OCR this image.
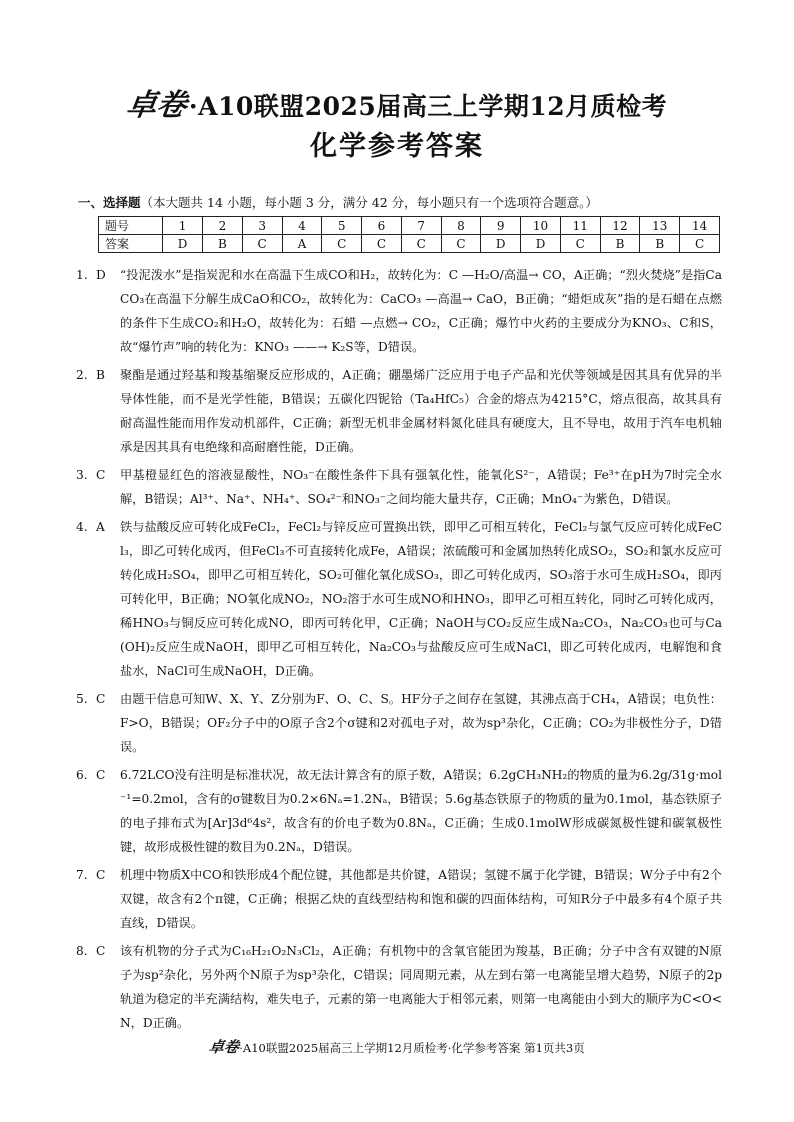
卓卷·A10联盟2025届高三上学期12月质检考
化学参考答案
一、选择题（本大题共 14 小题，每小题 3 分，满分 42 分，每小题只有一个选项符合题意。）
题号	1	2	3	4	5	6	7	8	9	10	11	12	13	14
答案	D	B	C	A	C	C	C	C	D	D	C	B	B	C
1. D	“投泥泼水”是指炭泥和水在高温下生成CO和H₂，故转化为：C —H₂O/高温→ CO，A正确；“烈火焚烧”是指CaCO₃在高温下分解生成CaO和CO₂，故转化为：CaCO₃ —高温→ CaO，B正确；“蜡炬成灰”指的是石蜡在点燃的条件下生成CO₂和H₂O，故转化为：石蜡 —点燃→ CO₂，C正确；爆竹中火药的主要成分为KNO₃、C和S，故“爆竹声”响的转化为：KNO₃ ——→ K₂S等，D错误。
2. B	聚酯是通过羟基和羧基缩聚反应形成的，A正确；硼墨烯广泛应用于电子产品和光伏等领域是因其具有优异的半导体性能，而不是光学性能，B错误；五碳化四铌铪（Ta₄HfC₅）合金的熔点为4215°C，熔点很高，故其具有耐高温性能而用作发动机部件，C正确；新型无机非金属材料氮化硅具有硬度大，且不导电，故用于汽车电机轴承是因其具有电绝缘和高耐磨性能，D正确。
3. C	甲基橙显红色的溶液显酸性，NO₃⁻在酸性条件下具有强氧化性，能氧化S²⁻，A错误；Fe³⁺在pH为7时完全水解，B错误；Al³⁺、Na⁺、NH₄⁺、SO₄²⁻和NO₃⁻之间均能大量共存，C正确；MnO₄⁻为紫色，D错误。
4. A	铁与盐酸反应可转化成FeCl₂，FeCl₂与锌反应可置换出铁，即甲乙可相互转化，FeCl₂与氯气反应可转化成FeCl₃，即乙可转化成丙，但FeCl₃不可直接转化成Fe，A错误；浓硫酸可和金属加热转化成SO₂，SO₂和氯水反应可转化成H₂SO₄，即甲乙可相互转化，SO₂可催化氧化成SO₃，即乙可转化成丙，SO₃溶于水可生成H₂SO₄，即丙可转化甲，B正确；NO氧化成NO₂，NO₂溶于水可生成NO和HNO₃，即甲乙可相互转化，同时乙可转化成丙，稀HNO₃与铜反应可转化成NO，即丙可转化甲，C正确；NaOH与CO₂反应生成Na₂CO₃，Na₂CO₃也可与Ca(OH)₂反应生成NaOH，即甲乙可相互转化，Na₂CO₃与盐酸反应可生成NaCl，即乙可转化成丙，电解饱和食盐水，NaCl可生成NaOH，D正确。
5. C	由题干信息可知W、X、Y、Z分别为F、O、C、S。HF分子之间存在氢键，其沸点高于CH₄，A错误；电负性：F>O，B错误；OF₂分子中的O原子含2个σ键和2对孤电子对，故为sp³杂化，C正确；CO₂为非极性分子，D错误。
6. C	6.72LCO没有注明是标准状况，故无法计算含有的原子数，A错误；6.2gCH₃NH₂的物质的量为6.2g/31g·mol⁻¹=0.2mol，含有的σ键数目为0.2×6Nₐ=1.2Nₐ，B错误；5.6g基态铁原子的物质的量为0.1mol，基态铁原子的电子排布式为[Ar]3d⁶4s²，故含有的价电子数为0.8Nₐ，C正确；生成0.1molW形成碳氮极性键和碳氧极性键，故形成极性键的数目为0.2Nₐ，D错误。
7. C	机理中物质X中CO和铁形成4个配位键，其他都是共价键，A错误；氢键不属于化学键，B错误；W分子中有2个双键，故含有2个π键，C正确；根据乙炔的直线型结构和饱和碳的四面体结构，可知R分子中最多有4个原子共直线，D错误。
8. C	该有机物的分子式为C₁₆H₂₁O₂N₃Cl₂，A正确；有机物中的含氧官能团为羧基，B正确；分子中含有双键的N原子为sp²杂化，另外两个N原子为sp³杂化，C错误；同周期元素，从左到右第一电离能呈增大趋势，N原子的2p轨道为稳定的半充满结构，难失电子，元素的第一电离能大于相邻元素，则第一电离能由小到大的顺序为C<O<N，D正确。
卓卷·A10联盟2025届高三上学期12月质检考·化学参考答案 第1页共3页
